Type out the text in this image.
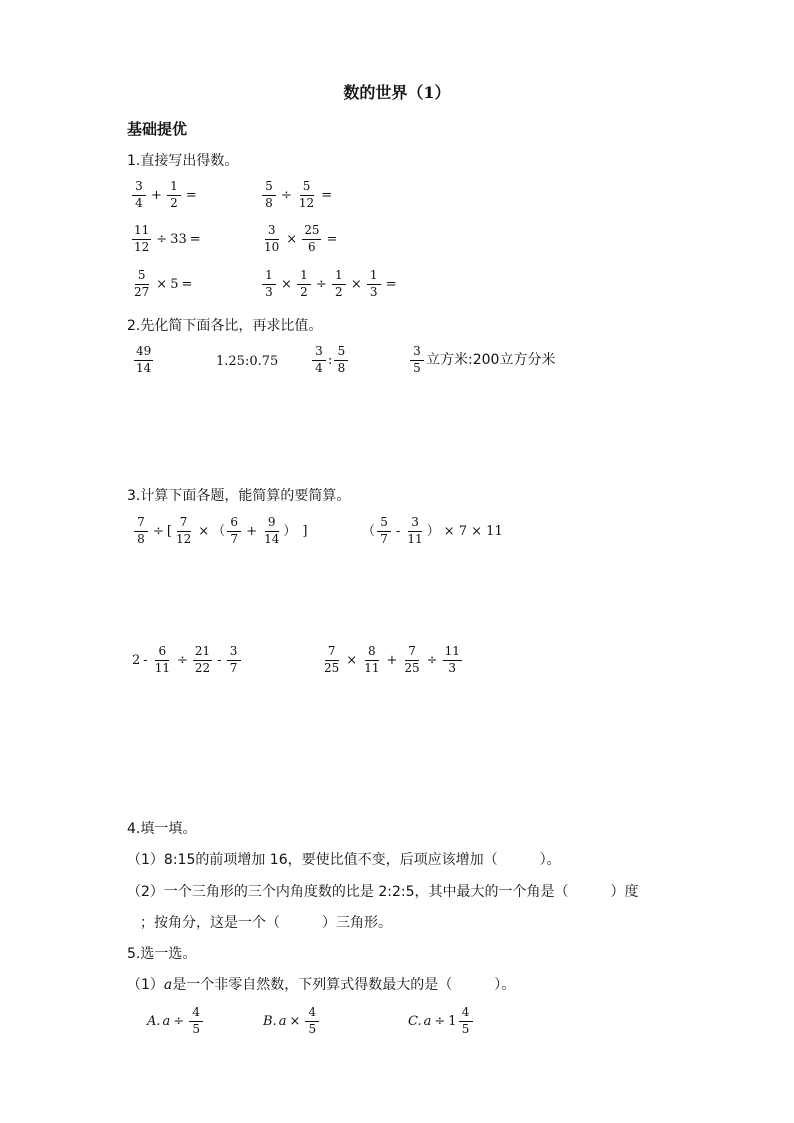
数的世界（1）
基础提优
1.直接写出得数。
$\frac{3}{4} + \frac{1}{2}$ =	$\frac{5}{8} \div \frac{5}{12}$ =
$\frac{11}{12} \div 33$ =	$\frac{3}{10} \times \frac{25}{6}$ =
$\frac{5}{27} \times 5$ =	$\frac{1}{3} \times \frac{1}{2} \div \frac{1}{2} \times \frac{1}{3}$ =
2.先化简下面各比，再求比值。
$\frac{49}{14}$	1.25:0.75	$\frac{3}{4}$ : $\frac{5}{8}$	$\frac{3}{5}$ 立方米:200立方分米
3.计算下面各题，能简算的要简算。
$\frac{7}{8}$ ÷ [ $\frac{7}{12}$ × （ $\frac{6}{7} + \frac{9}{14}$ ） ]	（ $\frac{5}{7} - \frac{3}{11}$ ） × 7 × 11
$2 - \frac{6}{11} \div \frac{21}{22} - \frac{3}{7}$	$\frac{7}{25} \times \frac{8}{11} + \frac{7}{25} \div \frac{11}{3}$
4.填一填。
（1）8:15的前项增加 16，要使比值不变，后项应该增加（　　　）。
（2）一个三角形的三个内角度数的比是 2:2:5，其中最大的一个角是（　　　）度
；按角分，这是一个（　　　）三角形。
5.选一选。
（1）a是一个非零自然数，下列算式得数最大的是（　　　）。
A. $a \div \frac{4}{5}$	B. $a \times \frac{4}{5}$	C. $a \div 1 \frac{4}{5}$
